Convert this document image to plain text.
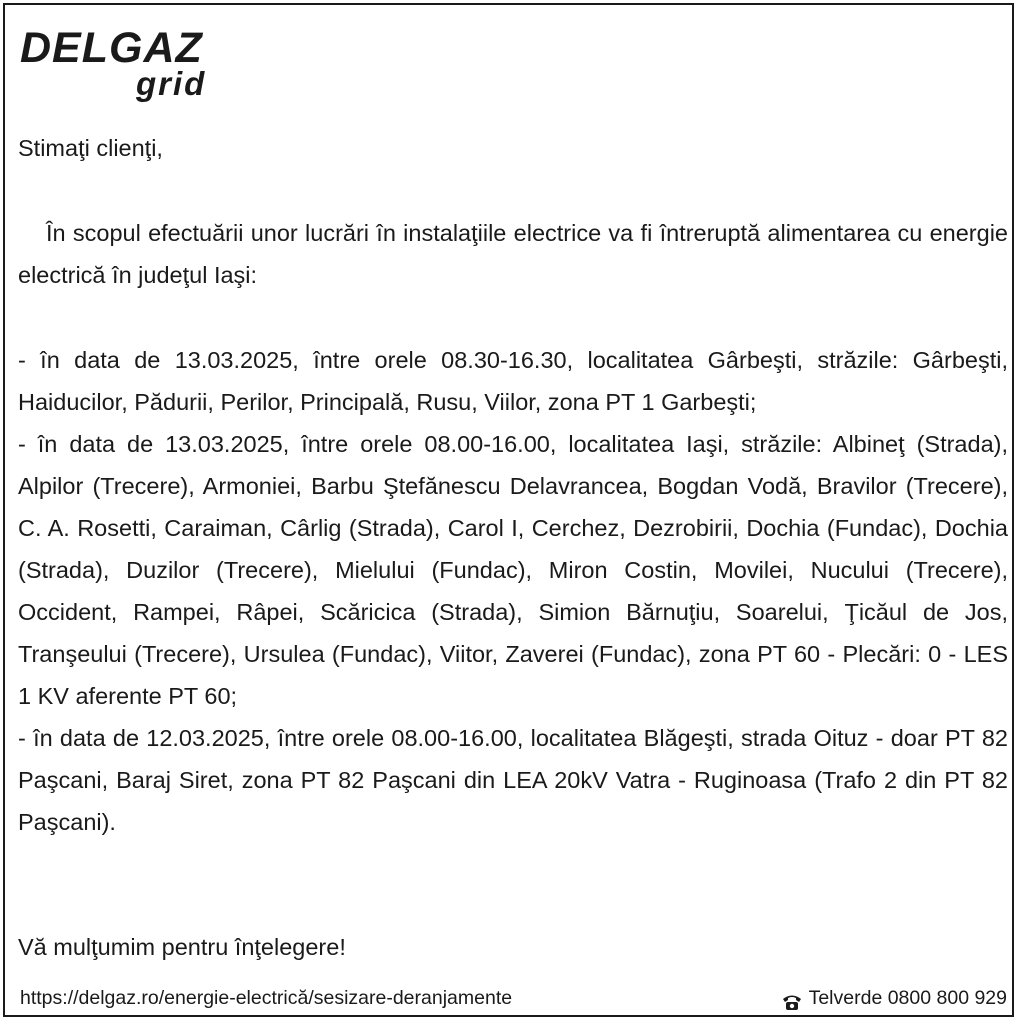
DELGAZ
grid
Stimaţi clienţi,
În scopul efectuării unor lucrări în instalaţiile electrice va fi întreruptă alimentarea cu energie electrică în judeţul Iaşi:

- în data de 13.03.2025, între orele 08.30-16.30, localitatea Gârbeşti, străzile: Gârbeşti, Haiducilor, Pădurii, Perilor, Principală, Rusu, Viilor, zona PT 1 Garbeşti;

- în data de 13.03.2025, între orele 08.00-16.00, localitatea Iaşi, străzile: Albineţ (Strada), Alpilor (Trecere), Armoniei, Barbu Ştefănescu Delavrancea, Bogdan Vodă, Bravilor (Trecere), C. A. Rosetti, Caraiman, Cârlig (Strada), Carol I, Cerchez, Dezrobirii, Dochia (Fundac), Dochia (Strada), Duzilor (Trecere), Mielului (Fundac), Miron Costin, Movilei, Nucului (Trecere), Occident, Rampei, Râpei, Scăricica (Strada), Simion Bărnuţiu, Soarelui, Ţicăul de Jos, Tranşeului (Trecere), Ursulea (Fundac), Viitor, Zaverei (Fundac), zona PT 60 - Plecări: 0 - LES 1 KV aferente PT 60;

- în data de 12.03.2025, între orele 08.00-16.00, localitatea Blăgeşti, strada Oituz - doar PT 82 Paşcani, Baraj Siret, zona PT 82 Paşcani din LEA 20kV Vatra - Ruginoasa (Trafo 2 din PT 82 Paşcani).

Vă mulţumim pentru înţelegere!
https://delgaz.ro/energie-electrică/sesizare-deranjamente	Telverde 0800 800 929
